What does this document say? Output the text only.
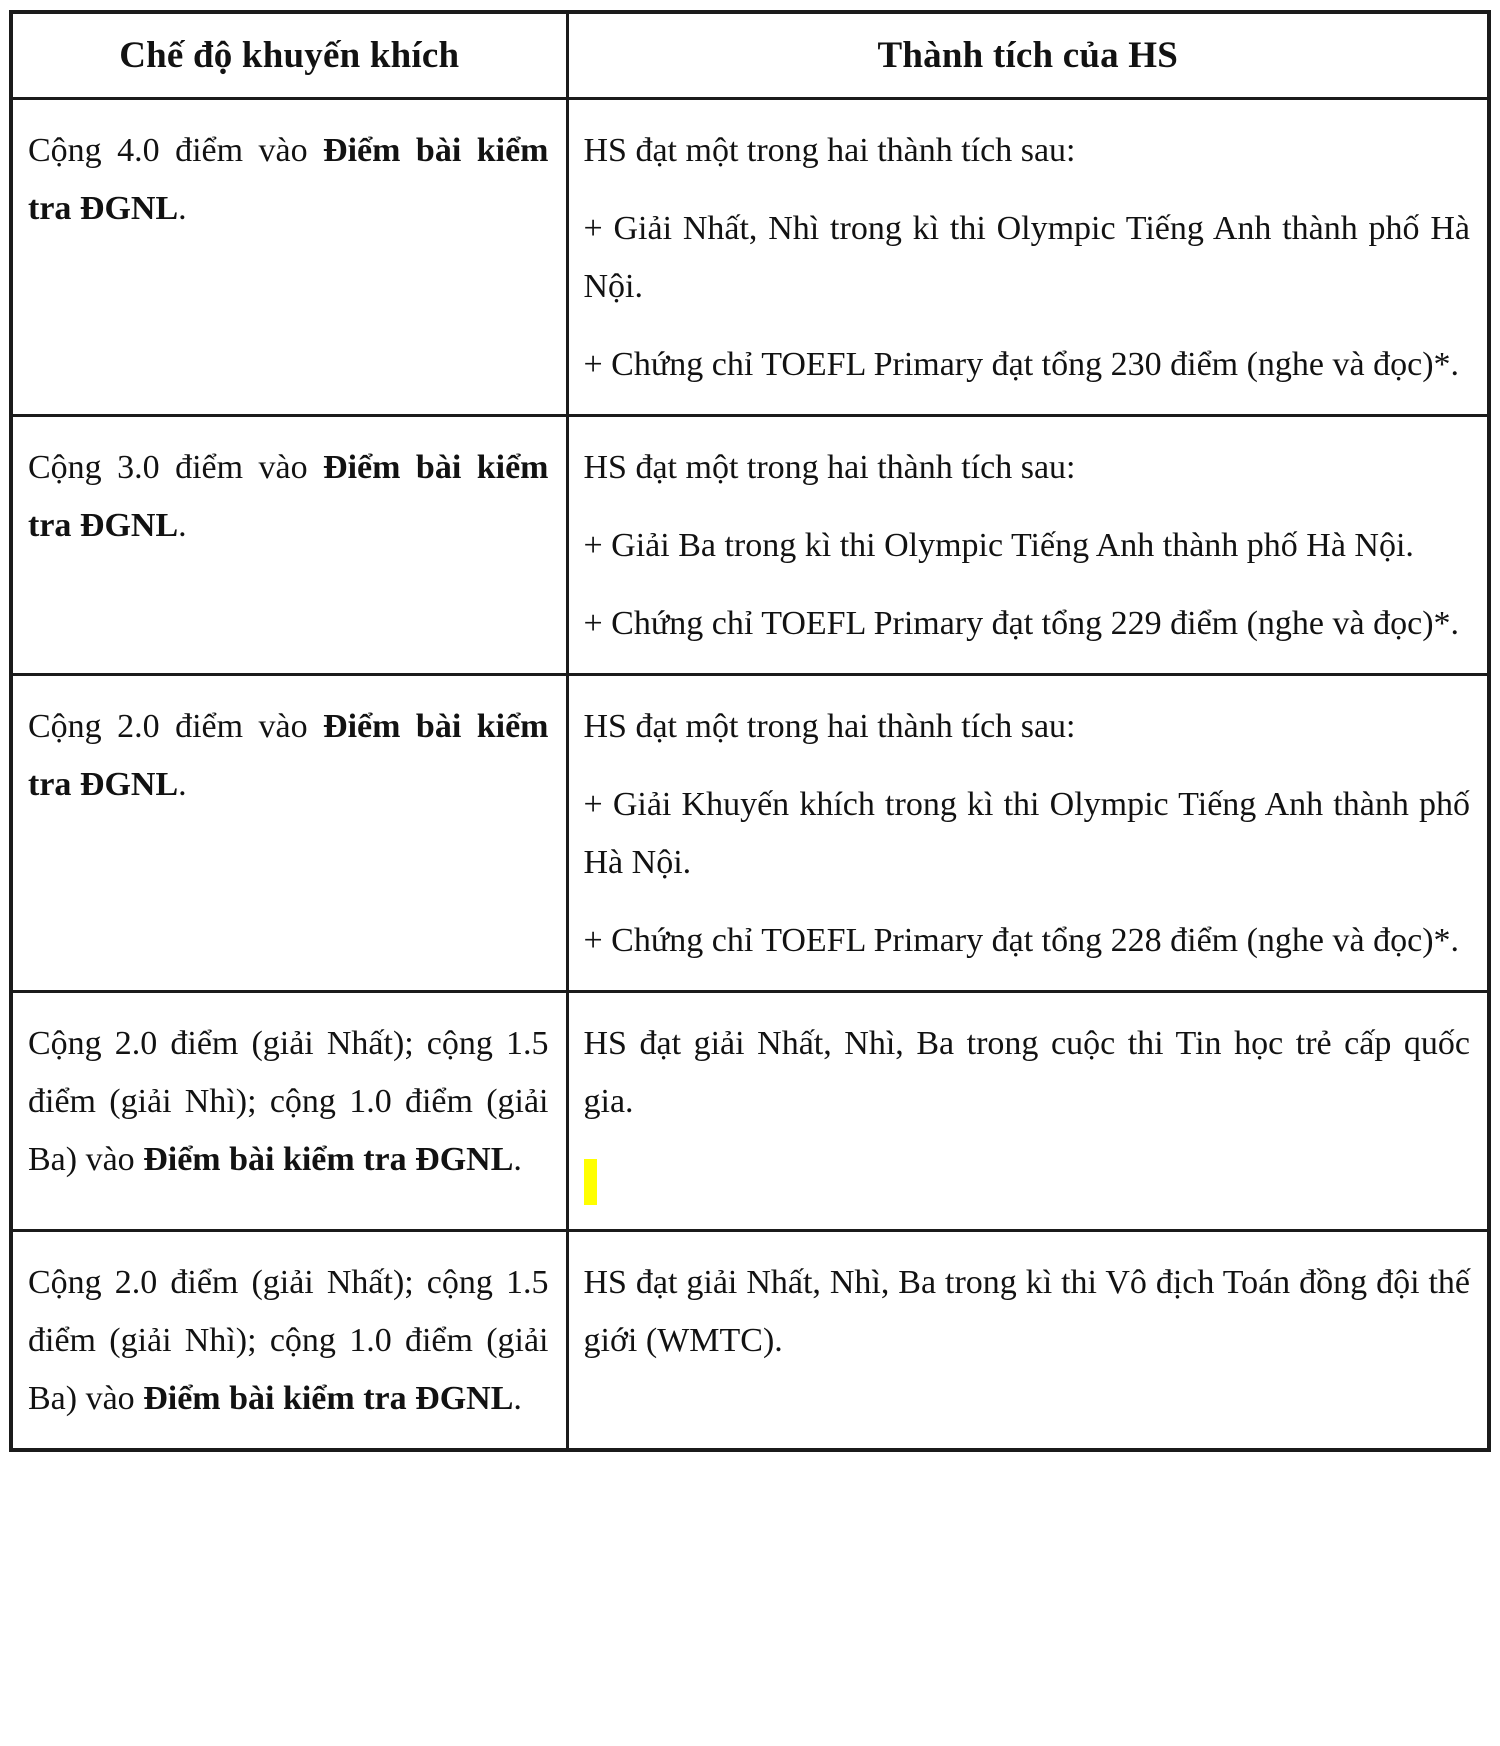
Chế độ khuyến khích	Thành tích của HS

Cộng 4.0 điểm vào Điểm bài kiểm tra ĐGNL.	HS đạt một trong hai thành tích sau:

+ Giải Nhất, Nhì trong kì thi Olympic Tiếng Anh thành phố Hà Nội.

+ Chứng chỉ TOEFL Primary đạt tổng 230 điểm (nghe và đọc)*.

Cộng 3.0 điểm vào Điểm bài kiểm tra ĐGNL.	HS đạt một trong hai thành tích sau:

+ Giải Ba trong kì thi Olympic Tiếng Anh thành phố Hà Nội.

+ Chứng chỉ TOEFL Primary đạt tổng 229 điểm (nghe và đọc)*.

Cộng 2.0 điểm vào Điểm bài kiểm tra ĐGNL.	HS đạt một trong hai thành tích sau:

+ Giải Khuyến khích trong kì thi Olympic Tiếng Anh thành phố Hà Nội.

+ Chứng chỉ TOEFL Primary đạt tổng 228 điểm (nghe và đọc)*.

Cộng 2.0 điểm (giải Nhất); cộng 1.5 điểm (giải Nhì); cộng 1.0 điểm (giải Ba) vào Điểm bài kiểm tra ĐGNL.	HS đạt giải Nhất, Nhì, Ba trong cuộc thi Tin học trẻ cấp quốc gia.

Cộng 2.0 điểm (giải Nhất); cộng 1.5 điểm (giải Nhì); cộng 1.0 điểm (giải Ba) vào Điểm bài kiểm tra ĐGNL.	HS đạt giải Nhất, Nhì, Ba trong kì thi Vô địch Toán đồng đội thế giới (WMTC).
